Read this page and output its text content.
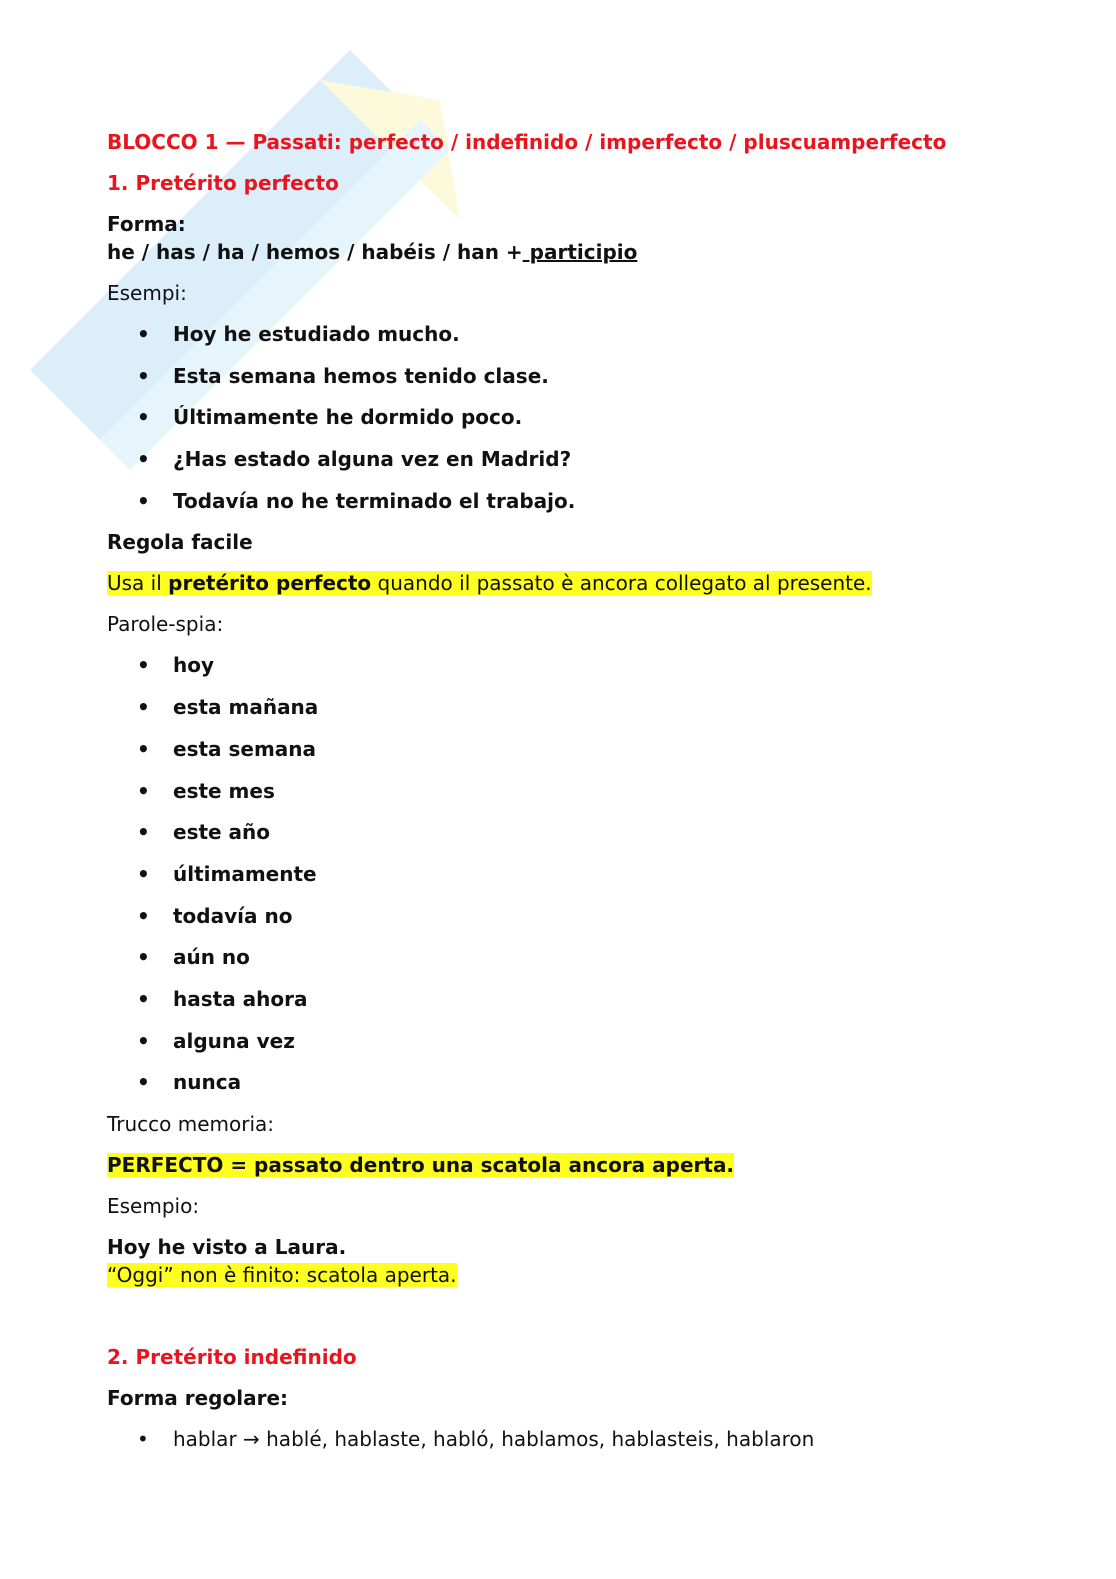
BLOCCO 1 — Passati: perfecto / indefinido / imperfecto / pluscuamperfecto
1. Pretérito perfecto

Forma:

he / has / ha / hemos / habéis / han + participio

Esempi:

• Hoy he estudiado mucho.
• Esta semana hemos tenido clase.
• Últimamente he dormido poco.
• ¿Has estado alguna vez en Madrid?
• Todavía no he terminado el trabajo.

Regola facile

Usa il pretérito perfecto quando il passato è ancora collegato al presente.

Parole-spia:

• hoy
• esta mañana
• esta semana
• este mes
• este año
• últimamente
• todavía no
• aún no
• hasta ahora
• alguna vez
• nunca

Trucco memoria:

PERFECTO = passato dentro una scatola ancora aperta.

Esempio:

Hoy he visto a Laura.

“Oggi” non è finito: scatola aperta.

2. Pretérito indefinido

Forma regolare:

• hablar → hablé, hablaste, habló, hablamos, hablasteis, hablaron
